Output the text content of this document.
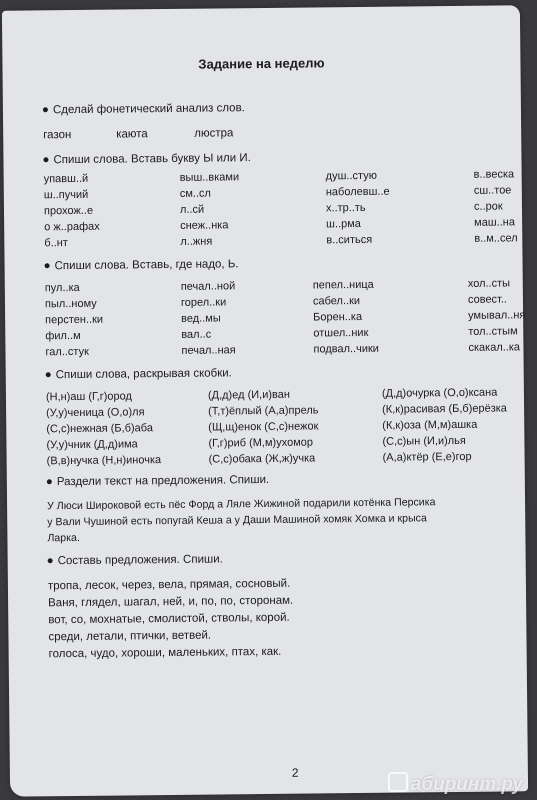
Задание на неделю
Сделай фонетический анализ слов.
газон	каюта	люстра
Спиши слова. Вставь букву Ы или И.
упавш..й	выш..вками	душ..стую	в..веска
ш..пучий	см..сл	наболевш..е	сш..тое
прохож..е	л..сй	х..тр..ть	с..рок
о ж..рафах	снеж..нка	ш..рма	маш..на
б..нт	л..жня	в..ситься	в..м..сел
Спиши слова. Вставь, где надо, Ь.
пул..ка	печал..ной	пепел..ница	хол..сты
пыл..ному	горел..ки	сабел..ки	совест..
перстен..ки	вед..мы	Борен..ка	умывал..ня
фил..м	вал..с	отшел..ник	тол..стым
гал..стук	печал..ная	подвал..чики	скакал..ка
Спиши слова, раскрывая скобки.
(Н,н)аш (Г,г)ород	(Д,д)ед (И,и)ван	(Д,д)очурка (О,о)ксана
(У,у)ченица (О,о)ля	(Т,т)ёплый (А,а)прель	(К,к)расивая (Б,б)ерёзка
(С,с)нежная (Б,б)аба	(Щ,щ)енок (С,с)нежок	(К,к)оза (М,м)ашка
(У,у)чник (Д,д)има	(Г,г)риб (М,м)ухомор	(С,с)ын (И,и)лья
(В,в)нучка (Н,н)иночка	(С,с)обака (Ж,ж)учка	(А,а)ктёр (Е,е)гор
Раздели текст на предложения. Спиши.
У Люси Широковой есть пёс Форд а Ляле Жижиной подарили котёнка Персика
у Вали Чушиной есть попугай Кеша а у Даши Машиной хомяк Хомка и крыса
Ларка.
Составь предложения. Спиши.
тропа, лесок, через, вела, прямая, сосновый.
Ваня, глядел, шагал, ней, и, по, по, сторонам.
вот, со, мохнатые, смолистой, стволы, корой.
среди, летали, птички, ветвей.
голоса, чудо, хороши, маленьких, птах, как.
2
абиринт.ру
